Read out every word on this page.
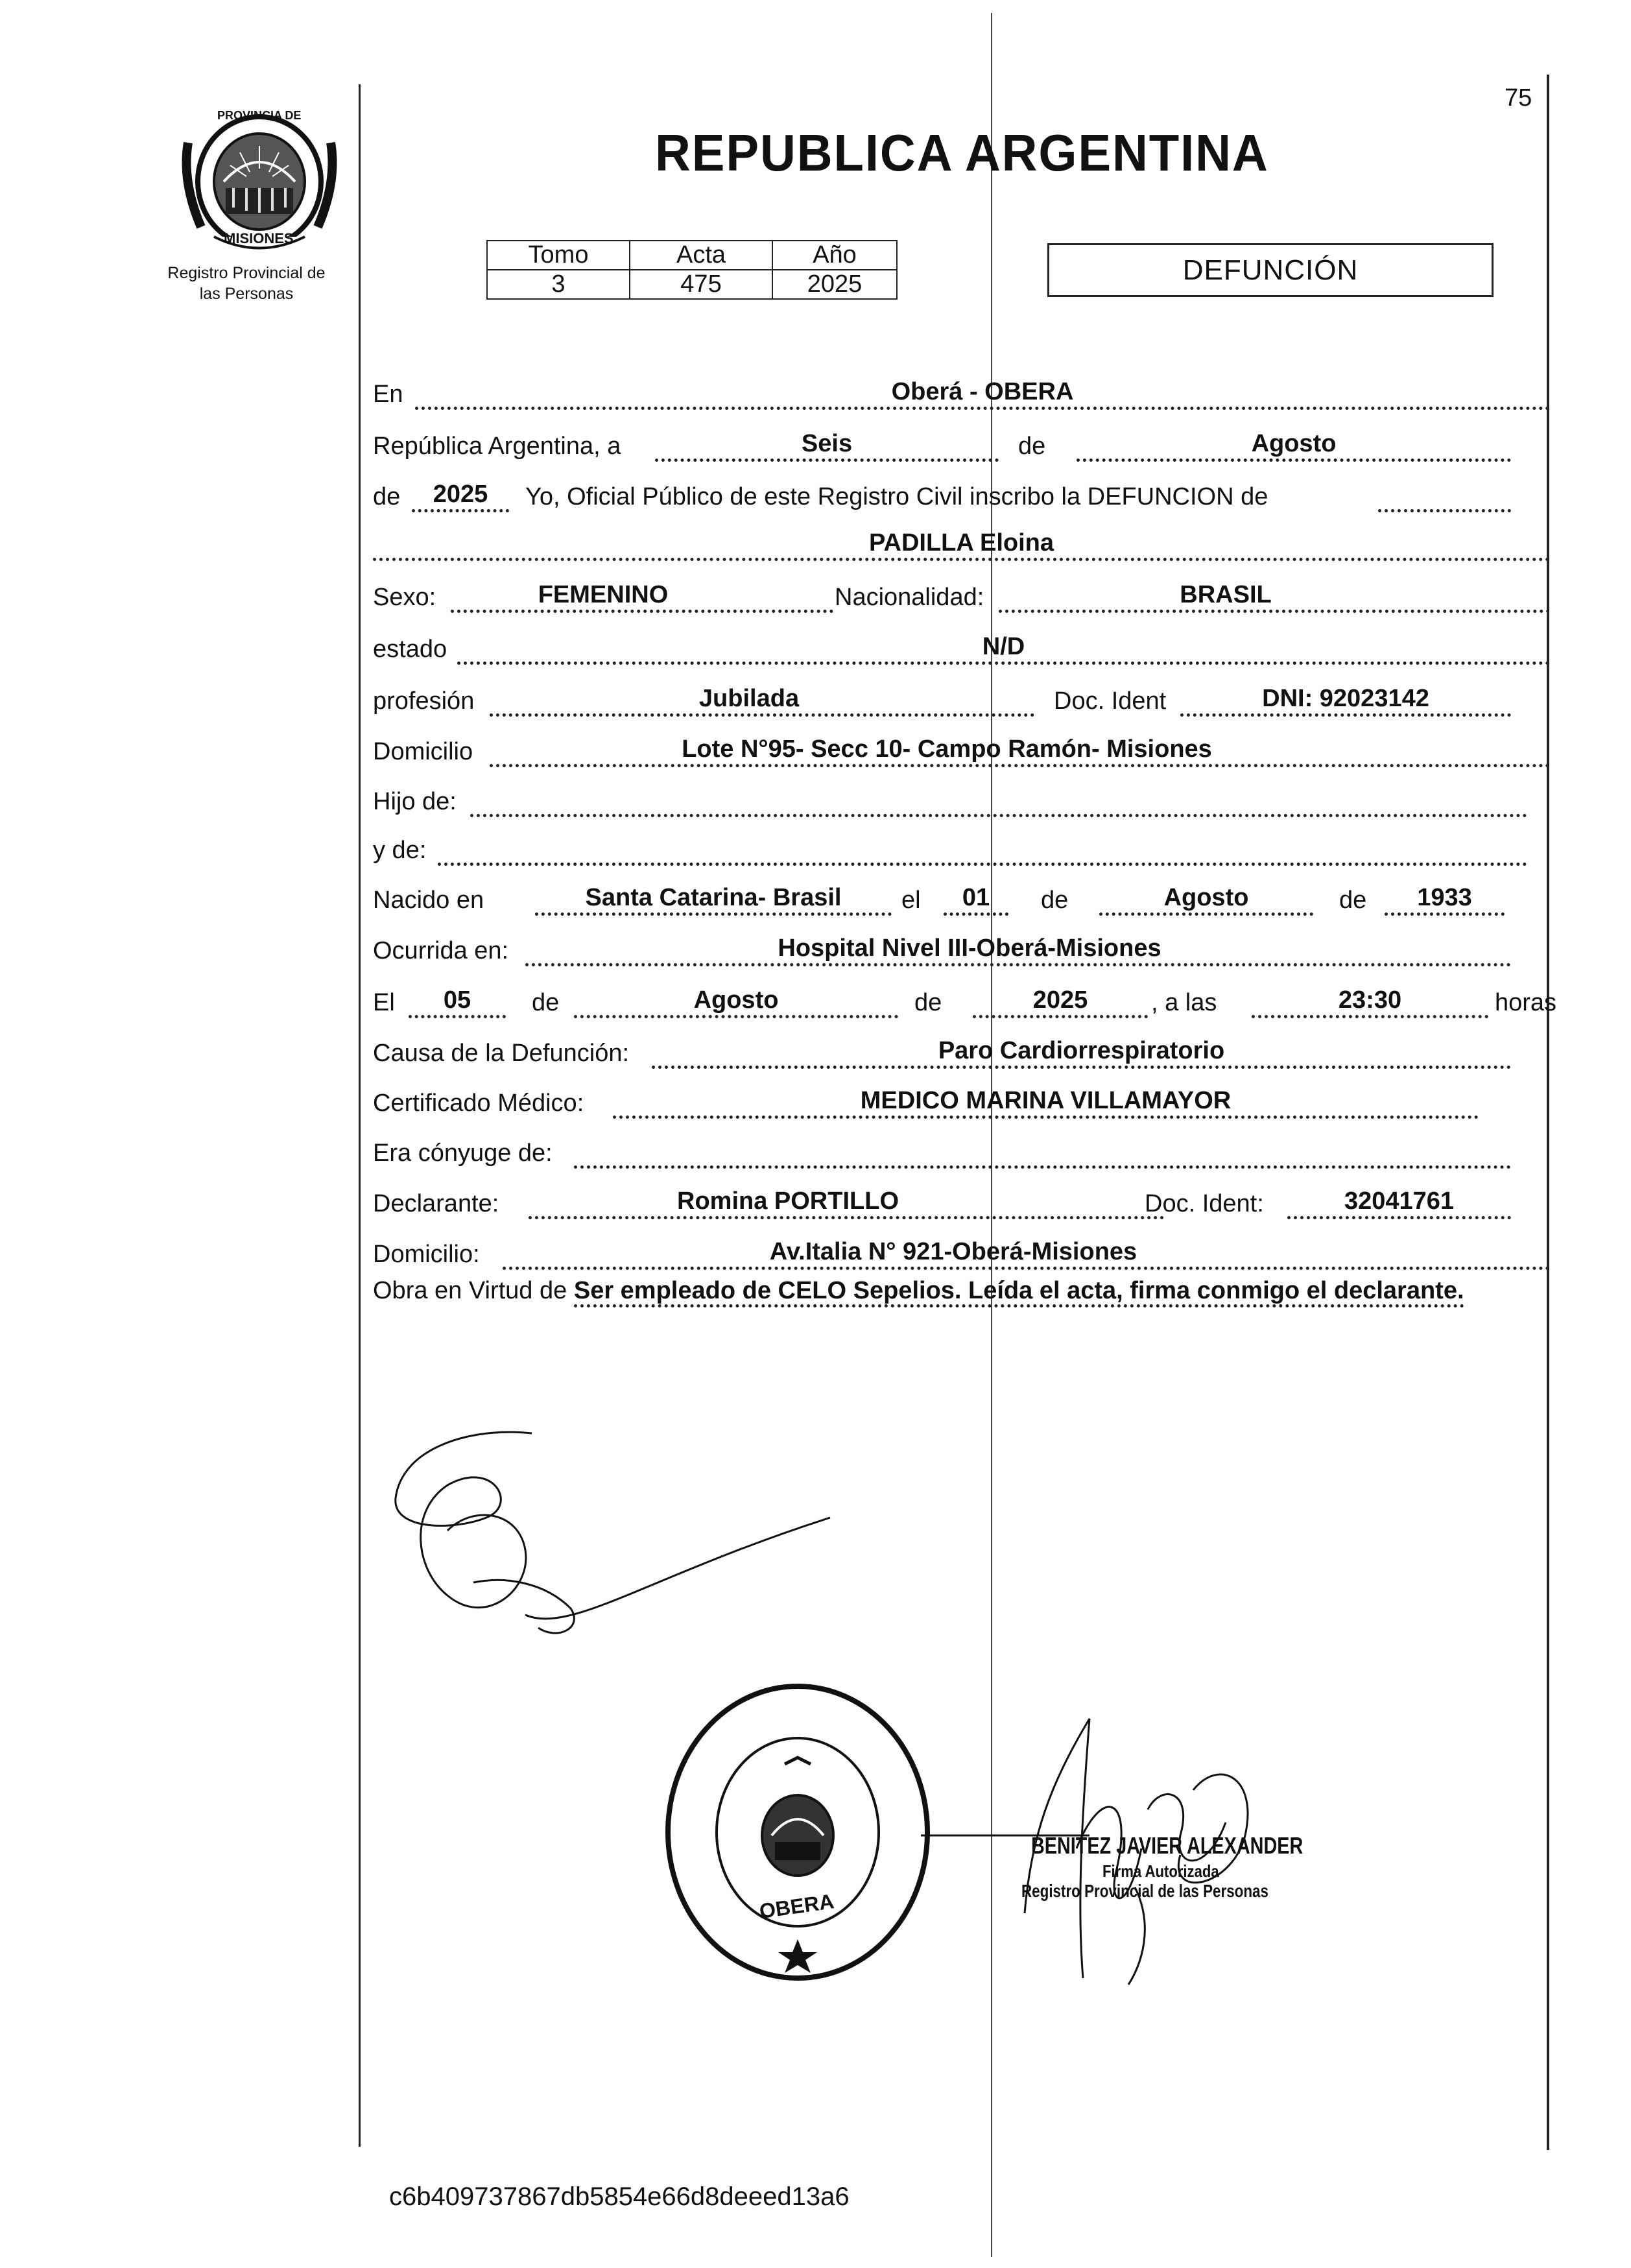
75
PROVINCIA DE
MISIONES
Registro Provincial de
las Personas
REPUBLICA ARGENTINA
Tomo	Acta	Año
3	475	2025	DEFUNCIÓN
En	Oberá - OBERA
República Argentina, a	Seis	de	Agosto
de	2025	Yo, Oficial Público de este Registro Civil inscribo la DEFUNCION de
PADILLA Eloina
Sexo:	FEMENINO	Nacionalidad:	BRASIL
estado	N/D
profesión	Jubilada	Doc. Ident	DNI: 92023142
Domicilio	Lote N°95- Secc 10- Campo Ramón- Misiones
Hijo de:
y de:
Nacido en	Santa Catarina- Brasil	el	01	de	Agosto	de	1933
Ocurrida en:	Hospital Nivel III-Oberá-Misiones
El	05	de	Agosto	de	2025	, a las	23:30	horas
Causa de la Defunción:	Paro Cardiorrespiratorio
Certificado Médico:	MEDICO MARINA VILLAMAYOR
Era cónyuge de:
Declarante:	Romina PORTILLO	Doc. Ident:	32041761
Domicilio:	Av.Italia N° 921-Oberá-Misiones
Obra en Virtud de Ser empleado de CELO Sepelios. Leída el acta, firma conmigo el declarante.
OBERA
BENITEZ JAVIER ALEXANDER
Firma Autorizada
Registro Provincial de las Personas
c6b409737867db5854e66d8deeed13a6
